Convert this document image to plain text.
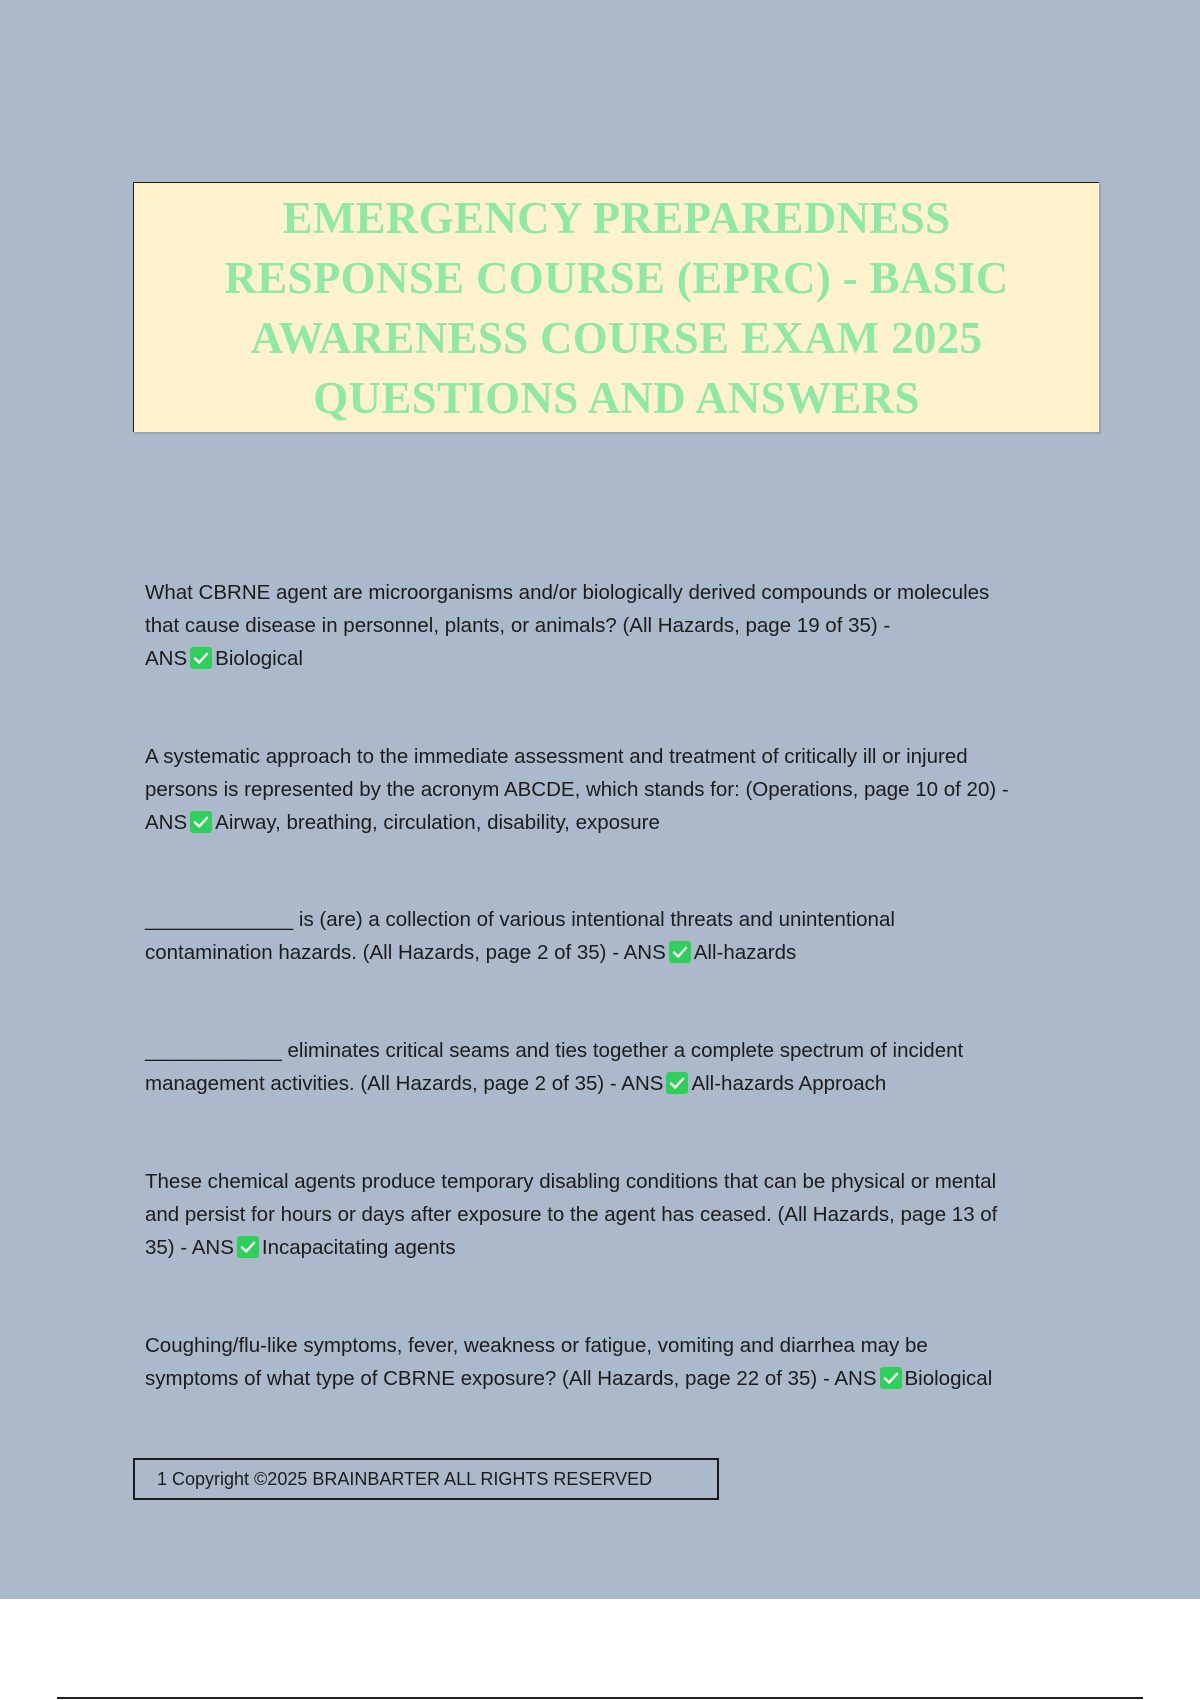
EMERGENCY PREPAREDNESS
RESPONSE COURSE (EPRC) - BASIC
AWARENESS COURSE EXAM 2025
QUESTIONS AND ANSWERS
What CBRNE agent are microorganisms and/or biologically derived compounds or molecules
that cause disease in personnel, plants, or animals? (All Hazards, page 19 of 35) -
ANS Biological
A systematic approach to the immediate assessment and treatment of critically ill or injured
persons is represented by the acronym ABCDE, which stands for: (Operations, page 10 of 20) -
ANS Airway, breathing, circulation, disability, exposure
_____________ is (are) a collection of various intentional threats and unintentional
contamination hazards. (All Hazards, page 2 of 35) - ANS All-hazards
____________ eliminates critical seams and ties together a complete spectrum of incident
management activities. (All Hazards, page 2 of 35) - ANS All-hazards Approach
These chemical agents produce temporary disabling conditions that can be physical or mental
and persist for hours or days after exposure to the agent has ceased. (All Hazards, page 13 of
35) - ANS Incapacitating agents
Coughing/flu-like symptoms, fever, weakness or fatigue, vomiting and diarrhea may be
symptoms of what type of CBRNE exposure? (All Hazards, page 22 of 35) - ANS Biological
1 Copyright ©2025 BRAINBARTER ALL RIGHTS RESERVED
